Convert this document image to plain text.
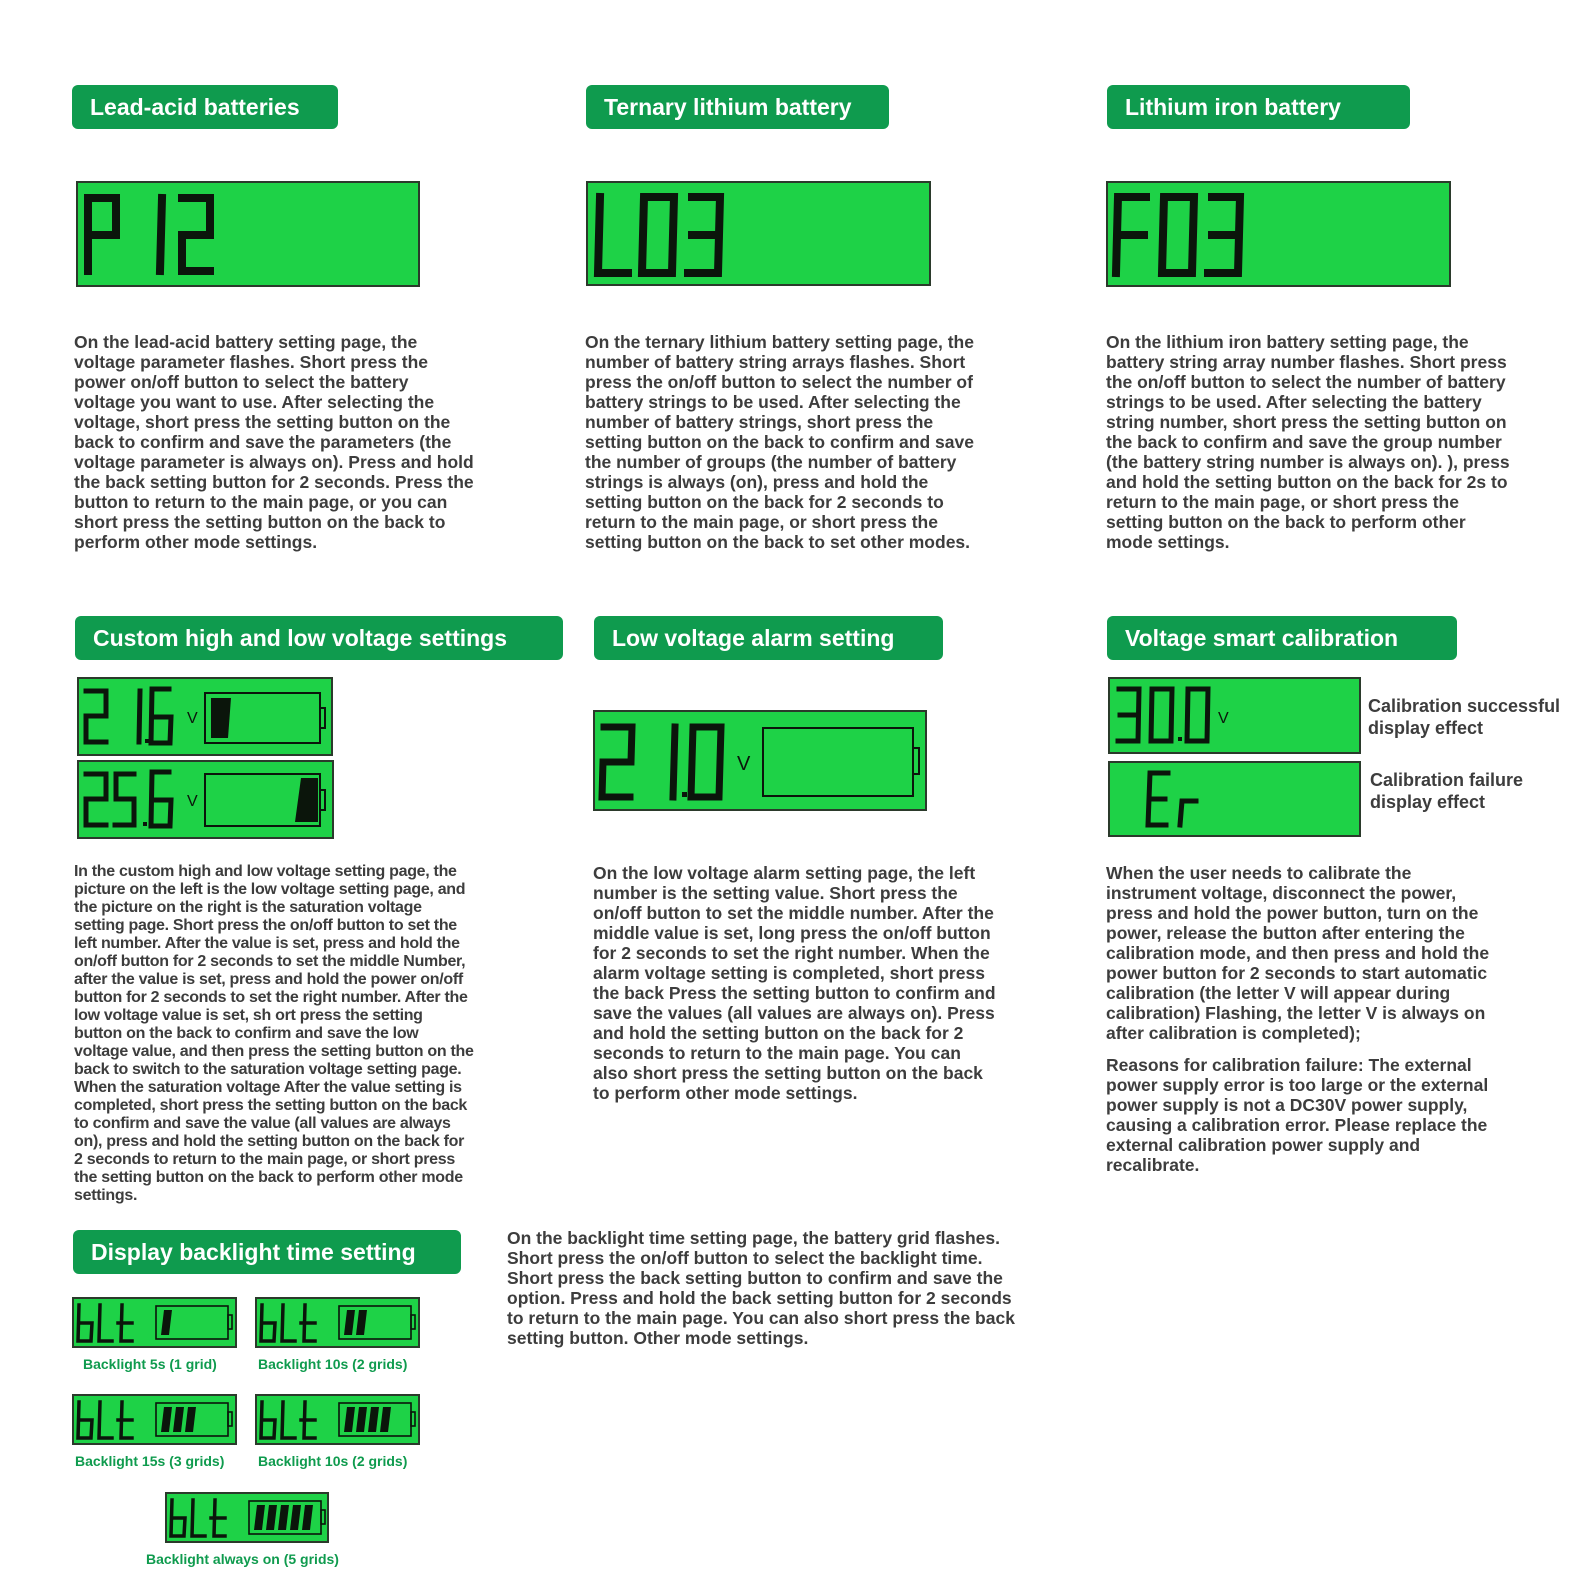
Lead-acid batteries	Ternary lithium battery	Lithium iron battery

On the lead-acid battery setting page, the voltage parameter flashes. Short press the power on/off button to select the battery voltage you want to use. After selecting the voltage, short press the setting button on the back to confirm and save the parameters (the voltage parameter is always on). Press and hold the back setting button for 2 seconds. Press the button to return to the main page, or you can short press the setting button on the back to perform other mode settings.

On the ternary lithium battery setting page, the number of battery string arrays flashes. Short press the on/off button to select the number of battery strings to be used. After selecting the number of battery strings, short press the setting button on the back to confirm and save the number of groups (the number of battery strings is always (on), press and hold the setting button on the back for 2 seconds to return to the main page, or short press the setting button on the back to set other modes.

On the lithium iron battery setting page, the battery string array number flashes. Short press the on/off button to select the number of battery strings to be used. After selecting the battery string number, short press the setting button on the back to confirm and save the group number (the battery string number is always on). ), press and hold the setting button on the back for 2s to return to the main page, or short press the setting button on the back to perform other mode settings.

Custom high and low voltage settings	Low voltage alarm setting	Voltage smart calibration
V
V
V
V

Calibration successful display effect

Calibration failure display effect

In the custom high and low voltage setting page, the picture on the left is the low voltage setting page, and the picture on the right is the saturation voltage setting page. Short press the on/off button to set the left number. After the value is set, press and hold the on/off button for 2 seconds to set the middle Number, after the value is set, press and hold the power on/off button for 2 seconds to set the right number. After the low voltage value is set, sh ort press the setting button on the back to confirm and save the low voltage value, and then press the setting button on the back to switch to the saturation voltage setting page. When the saturation voltage After the value setting is completed, short press the setting button on the back to confirm and save the value (all values are always on), press and hold the setting button on the back for 2 seconds to return to the main page, or short press the setting button on the back to perform other mode settings.

On the low voltage alarm setting page, the left number is the setting value. Short press the on/off button to set the middle number. After the middle value is set, long press the on/off button for 2 seconds to set the right number. When the alarm voltage setting is completed, short press the back Press the setting button to confirm and save the values (all values are always on). Press and hold the setting button on the back for 2 seconds to return to the main page. You can also short press the setting button on the back to perform other mode settings.

When the user needs to calibrate the instrument voltage, disconnect the power, press and hold the power button, turn on the power, release the button after entering the calibration mode, and then press and hold the power button for 2 seconds to start automatic calibration (the letter V will appear during calibration) Flashing, the letter V is always on after calibration is completed);

Reasons for calibration failure: The external power supply error is too large or the external power supply is not a DC30V power supply, causing a calibration error. Please replace the external calibration power supply and recalibrate.

Display backlight time setting

On the backlight time setting page, the battery grid flashes. Short press the on/off button to select the backlight time. Short press the back setting button to confirm and save the option. Press and hold the back setting button for 2 seconds to return to the main page. You can also short press the back setting button. Other mode settings.

Backlight 5s (1 grid)	Backlight 10s (2 grids)
Backlight 15s (3 grids) Backlight 10s (2 grids)
Backlight always on (5 grids)
